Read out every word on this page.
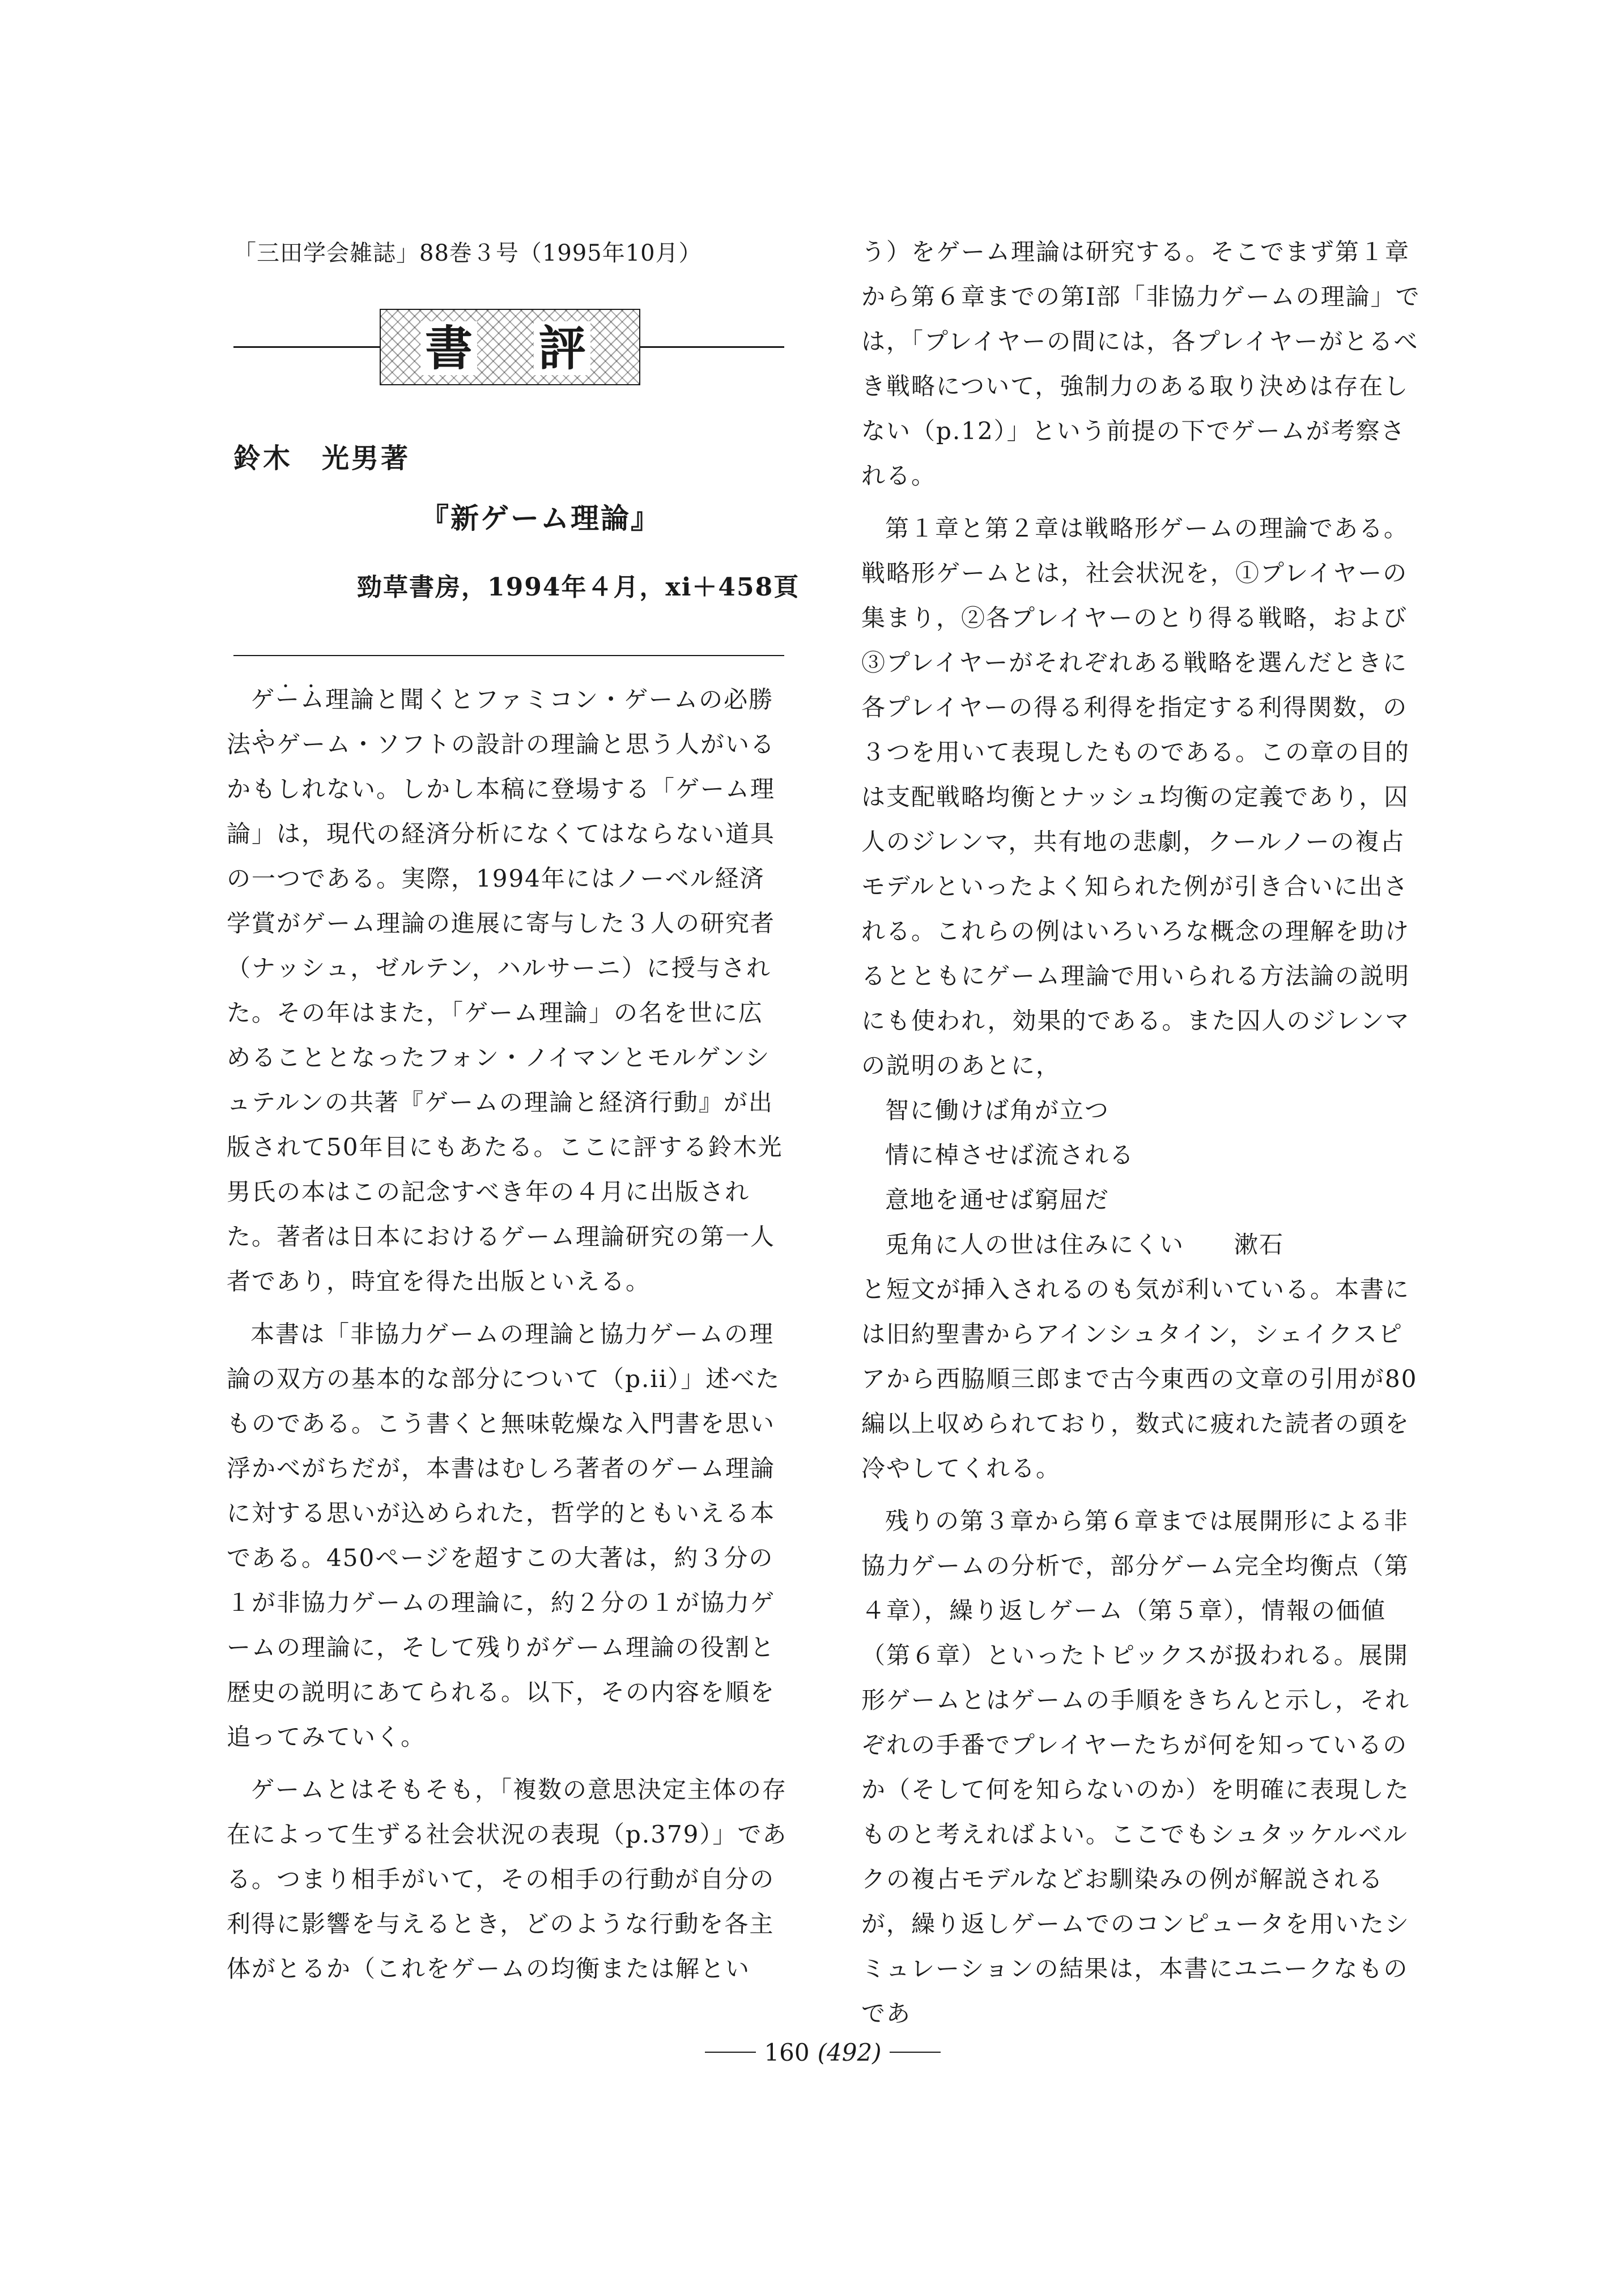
「三田学会雑誌」88巻３号（1995年10月）
書 評
鈴木　光男著
『新ゲーム理論』
勁草書房，1994年４月，xi＋458頁

・ ・ ・ ゲーム理論と聞くとファミコン・ゲームの必勝法やゲーム・ソフトの設計の理論と思う人がいるかもしれない。しかし本稿に登場する「ゲーム理論」は，現代の経済分析になくてはならない道具の一つである。実際，1994年にはノーベル経済学賞がゲーム理論の進展に寄与した３人の研究者（ナッシュ，ゼルテン，ハルサーニ）に授与された。その年はまた，「ゲーム理論」の名を世に広めることとなったフォン・ノイマンとモルゲンシュテルンの共著『ゲームの理論と経済行動』が出版されて50年目にもあたる。ここに評する鈴木光男氏の本はこの記念すべき年の４月に出版された。著者は日本におけるゲーム理論研究の第一人者であり，時宜を得た出版といえる。

本書は「非協力ゲームの理論と協力ゲームの理論の双方の基本的な部分について（p.ii）」述べたものである。こう書くと無味乾燥な入門書を思い浮かべがちだが，本書はむしろ著者のゲーム理論に対する思いが込められた，哲学的ともいえる本である。450ページを超すこの大著は，約３分の１が非協力ゲームの理論に，約２分の１が協力ゲームの理論に，そして残りがゲーム理論の役割と歴史の説明にあてられる。以下，その内容を順を追ってみていく。

ゲームとはそもそも，「複数の意思決定主体の存在によって生ずる社会状況の表現（p.379）」である。つまり相手がいて，その相手の行動が自分の利得に影響を与えるとき，どのような行動を各主体がとるか（これをゲームの均衡または解とい

う）をゲーム理論は研究する。そこでまず第１章から第６章までの第Ⅰ部「非協力ゲームの理論」では，「プレイヤーの間には，各プレイヤーがとるべき戦略について，強制力のある取り決めは存在しない（p.12）」という前提の下でゲームが考察される。

第１章と第２章は戦略形ゲームの理論である。戦略形ゲームとは，社会状況を，①プレイヤーの集まり，②各プレイヤーのとり得る戦略，および③プレイヤーがそれぞれある戦略を選んだときに各プレイヤーの得る利得を指定する利得関数，の３つを用いて表現したものである。この章の目的は支配戦略均衡とナッシュ均衡の定義であり，囚人のジレンマ，共有地の悲劇，クールノーの複占モデルといったよく知られた例が引き合いに出される。これらの例はいろいろな概念の理解を助けるとともにゲーム理論で用いられる方法論の説明にも使われ，効果的である。また囚人のジレンマの説明のあとに，

智に働けば角が立つ

情に棹させば流される

意地を通せば窮屈だ

兎角に人の世は住みにくい　　漱石

と短文が挿入されるのも気が利いている。本書には旧約聖書からアインシュタイン，シェイクスピアから西脇順三郎まで古今東西の文章の引用が80編以上収められており，数式に疲れた読者の頭を冷やしてくれる。

残りの第３章から第６章までは展開形による非協力ゲームの分析で，部分ゲーム完全均衡点（第４章），繰り返しゲーム（第５章），情報の価値（第６章）といったトピックスが扱われる。展開形ゲームとはゲームの手順をきちんと示し，それぞれの手番でプレイヤーたちが何を知っているのか（そして何を知らないのか）を明確に表現したものと考えればよい。ここでもシュタッケルベルクの複占モデルなどお馴染みの例が解説されるが，繰り返しゲームでのコンピュータを用いたシミュレーションの結果は，本書にユニークなものであ

160 (492)
